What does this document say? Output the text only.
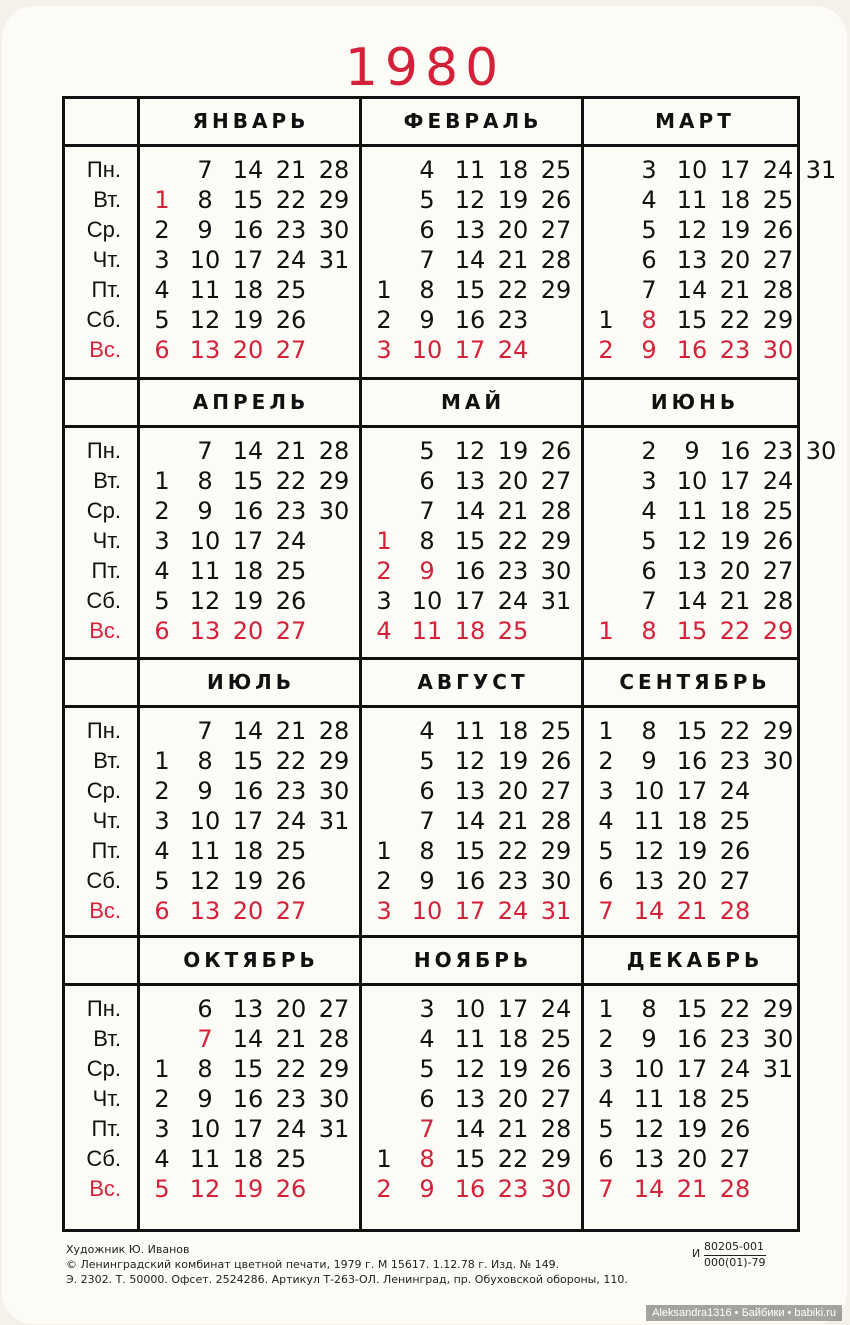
1980
Пн.
Вт.
Ср.
Чт.
Пт.
Сб.
Вс.
ЯНВАРЬ
1
2
3
4
5
6
7
8
9
10
11
12
13
14
15
16
17
18
19
20
21
22
23
24
25
26
27
28
29
30
31
ФЕВРАЛЬ
1
2
3
4
5
6
7
8
9
10
11
12
13
14
15
16
17
18
19
20
21
22
23
24
25
26
27
28
29
МАРТ
1
2
3
4
5
6
7
8
9
10
11
12
13
14
15
16
17
18
19
20
21
22
23
24
25
26
27
28
29
30
31
Пн.
Вт.
Ср.
Чт.
Пт.
Сб.
Вс.
АПРЕЛЬ
1
2
3
4
5
6
7
8
9
10
11
12
13
14
15
16
17
18
19
20
21
22
23
24
25
26
27
28
29
30
МАЙ
1
2
3
4
5
6
7
8
9
10
11
12
13
14
15
16
17
18
19
20
21
22
23
24
25
26
27
28
29
30
31
ИЮНЬ
1
2
3
4
5
6
7
8
9
10
11
12
13
14
15
16
17
18
19
20
21
22
23
24
25
26
27
28
29
30
Пн.
Вт.
Ср.
Чт.
Пт.
Сб.
Вс.
ИЮЛЬ
1
2
3
4
5
6
7
8
9
10
11
12
13
14
15
16
17
18
19
20
21
22
23
24
25
26
27
28
29
30
31
АВГУСТ
1
2
3
4
5
6
7
8
9
10
11
12
13
14
15
16
17
18
19
20
21
22
23
24
25
26
27
28
29
30
31
СЕНТЯБРЬ
1
2
3
4
5
6
7
8
9
10
11
12
13
14
15
16
17
18
19
20
21
22
23
24
25
26
27
28
29
30
Пн.
Вт.
Ср.
Чт.
Пт.
Сб.
Вс.
ОКТЯБРЬ
1
2
3
4
5
6
7
8
9
10
11
12
13
14
15
16
17
18
19
20
21
22
23
24
25
26
27
28
29
30
31
НОЯБРЬ
1
2
3
4
5
6
7
8
9
10
11
12
13
14
15
16
17
18
19
20
21
22
23
24
25
26
27
28
29
30
ДЕКАБРЬ
1
2
3
4
5
6
7
8
9
10
11
12
13
14
15
16
17
18
19
20
21
22
23
24
25
26
27
28
29
30
31
Художник Ю. Иванов
© Ленинградский комбинат цветной печати, 1979 г. М 15617. 1.12.78 г. Изд. № 149.
Э. 2302. Т. 50000. Офсет. 2524286. Артикул Т-263-ОЛ. Ленинград, пр. Обуховской обороны, 110.
И
80205-001
000(01)-79
Aleksandra1316 • Байбики • babiki.ru
